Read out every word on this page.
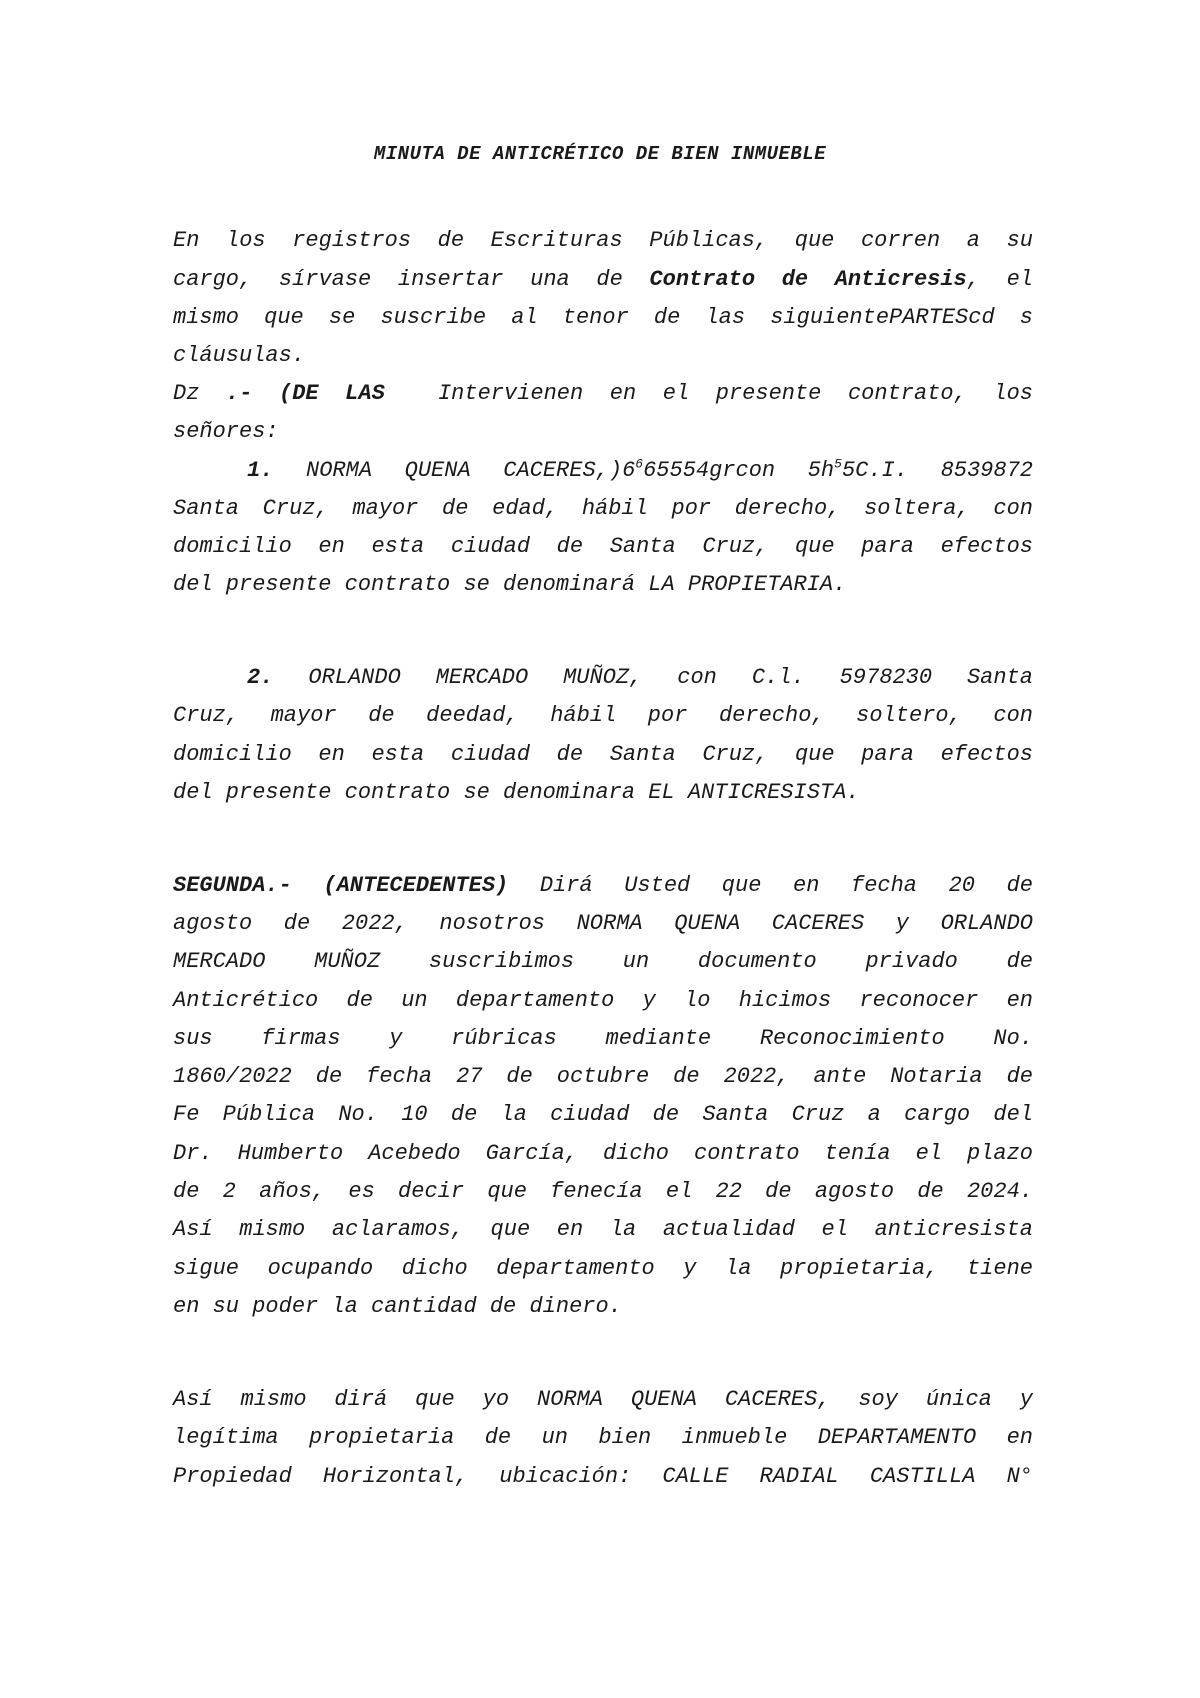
MINUTA DE ANTICRÉTICO DE BIEN INMUEBLE
En los registros de Escrituras Públicas, que corren a su
cargo, sírvase insertar una de Contrato de Anticresis, el
mismo que se suscribe al tenor de las siguientePARTEScd s
cláusulas.
Dz .- (DE LAS  Intervienen en el presente contrato, los
señores:
1. NORMA QUENA $CACERES,)6^665554grcon$ $5h^55C.I$. 8539872
Santa Cruz, mayor de edad, hábil por derecho, soltera, con
domicilio en esta ciudad de Santa Cruz, que para efectos
del presente contrato se denominará LA PROPIETARIA.
2. ORLANDO MERCADO MUÑOZ, con C.l. 5978230 Santa
Cruz, mayor de deedad, hábil por derecho, soltero, con
domicilio en esta ciudad de Santa Cruz, que para efectos
del presente contrato se denominara EL ANTICRESISTA.
SEGUNDA.- (ANTECEDENTES) Dirá Usted que en fecha 20 de
agosto de 2022, nosotros NORMA QUENA CACERES y ORLANDO
MERCADO MUÑOZ suscribimos un documento privado de
Anticrético de un departamento y lo hicimos reconocer en
sus firmas y rúbricas mediante Reconocimiento No.
1860/2022 de fecha 27 de octubre de 2022, ante Notaria de
Fe Pública No. 10 de la ciudad de Santa Cruz a cargo del
Dr. Humberto Acebedo García, dicho contrato tenía el plazo
de 2 años, es decir que fenecía el 22 de agosto de 2024.
Así mismo aclaramos, que en la actualidad el anticresista
sigue ocupando dicho departamento y la propietaria, tiene
en su poder la cantidad de dinero.
Así mismo dirá que yo NORMA QUENA CACERES, soy única y
legítima propietaria de un bien inmueble DEPARTAMENTO en
Propiedad Horizontal, ubicación: CALLE RADIAL CASTILLA N°
